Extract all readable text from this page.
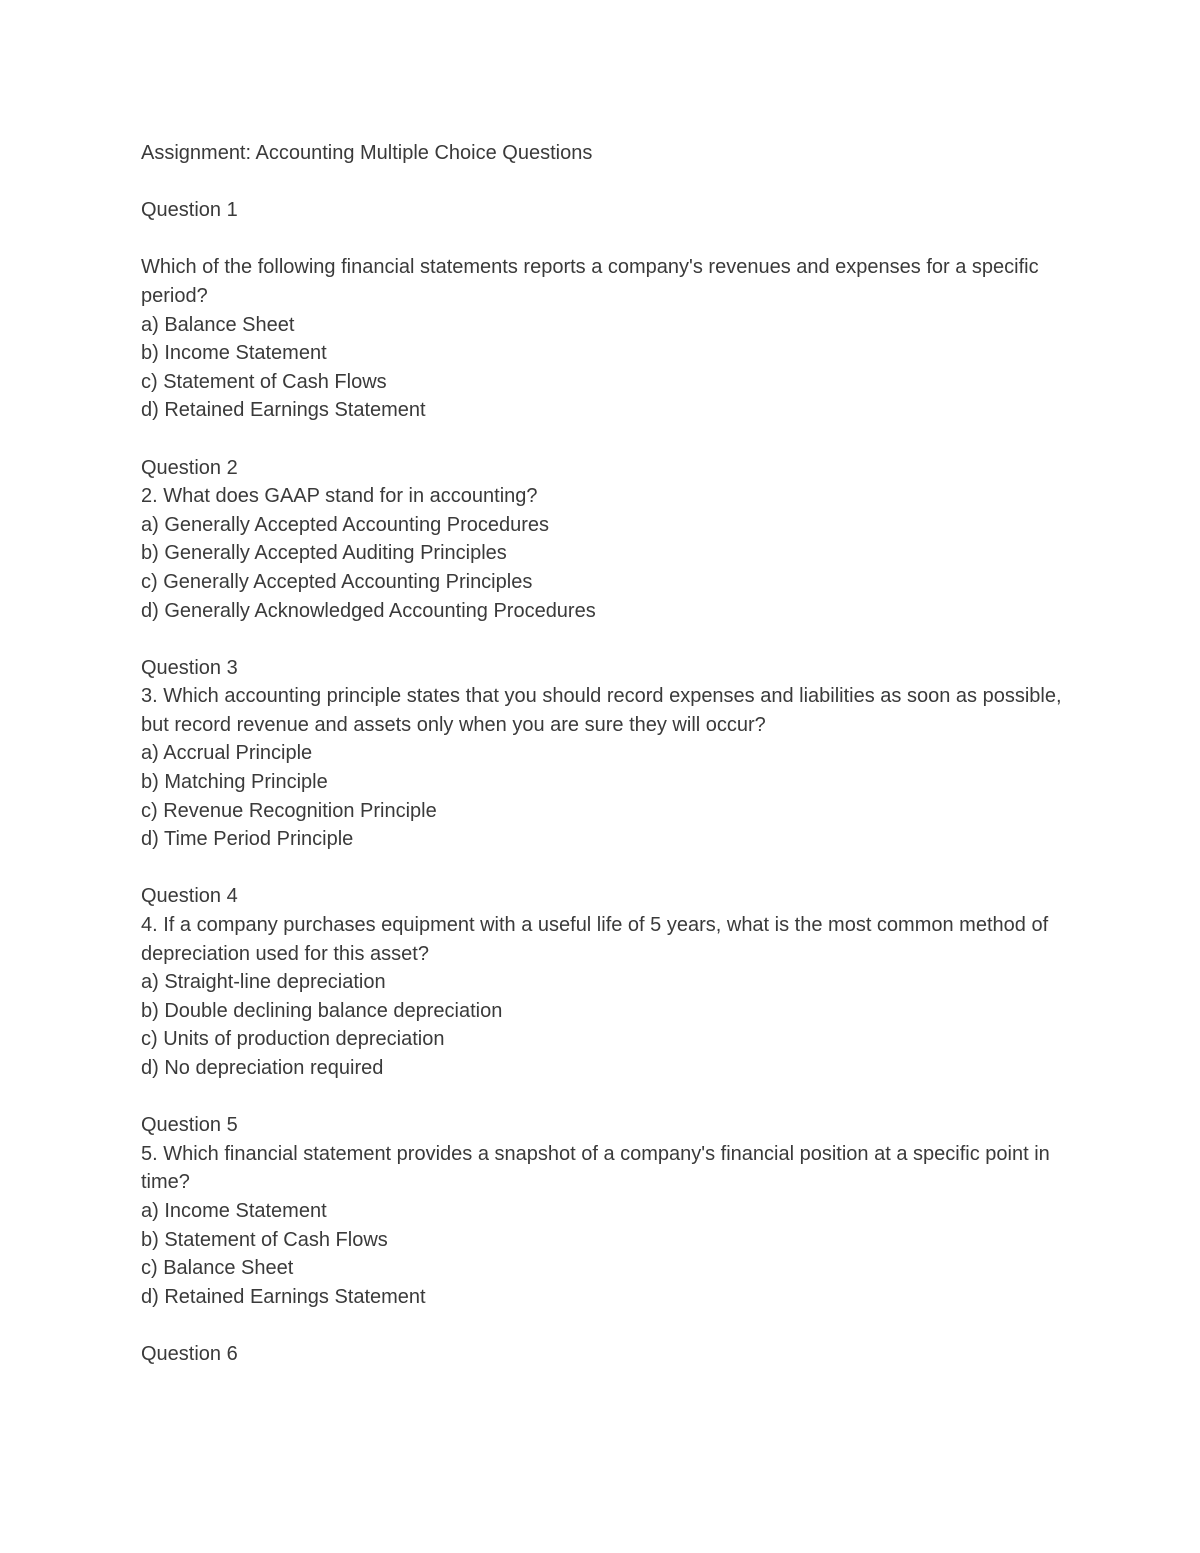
Assignment: Accounting Multiple Choice Questions

Question 1

Which of the following financial statements reports a company's revenues and expenses for a specific period?

a) Balance Sheet

b) Income Statement

c) Statement of Cash Flows

d) Retained Earnings Statement

Question 2

2. What does GAAP stand for in accounting?

a) Generally Accepted Accounting Procedures

b) Generally Accepted Auditing Principles

c) Generally Accepted Accounting Principles

d) Generally Acknowledged Accounting Procedures

Question 3

3. Which accounting principle states that you should record expenses and liabilities as soon as possible, but record revenue and assets only when you are sure they will occur?

a) Accrual Principle

b) Matching Principle

c) Revenue Recognition Principle

d) Time Period Principle

Question 4

4. If a company purchases equipment with a useful life of 5 years, what is the most common method of depreciation used for this asset?

a) Straight-line depreciation

b) Double declining balance depreciation

c) Units of production depreciation

d) No depreciation required

Question 5

5. Which financial statement provides a snapshot of a company's financial position at a specific point in time?

a) Income Statement

b) Statement of Cash Flows

c) Balance Sheet

d) Retained Earnings Statement

Question 6
